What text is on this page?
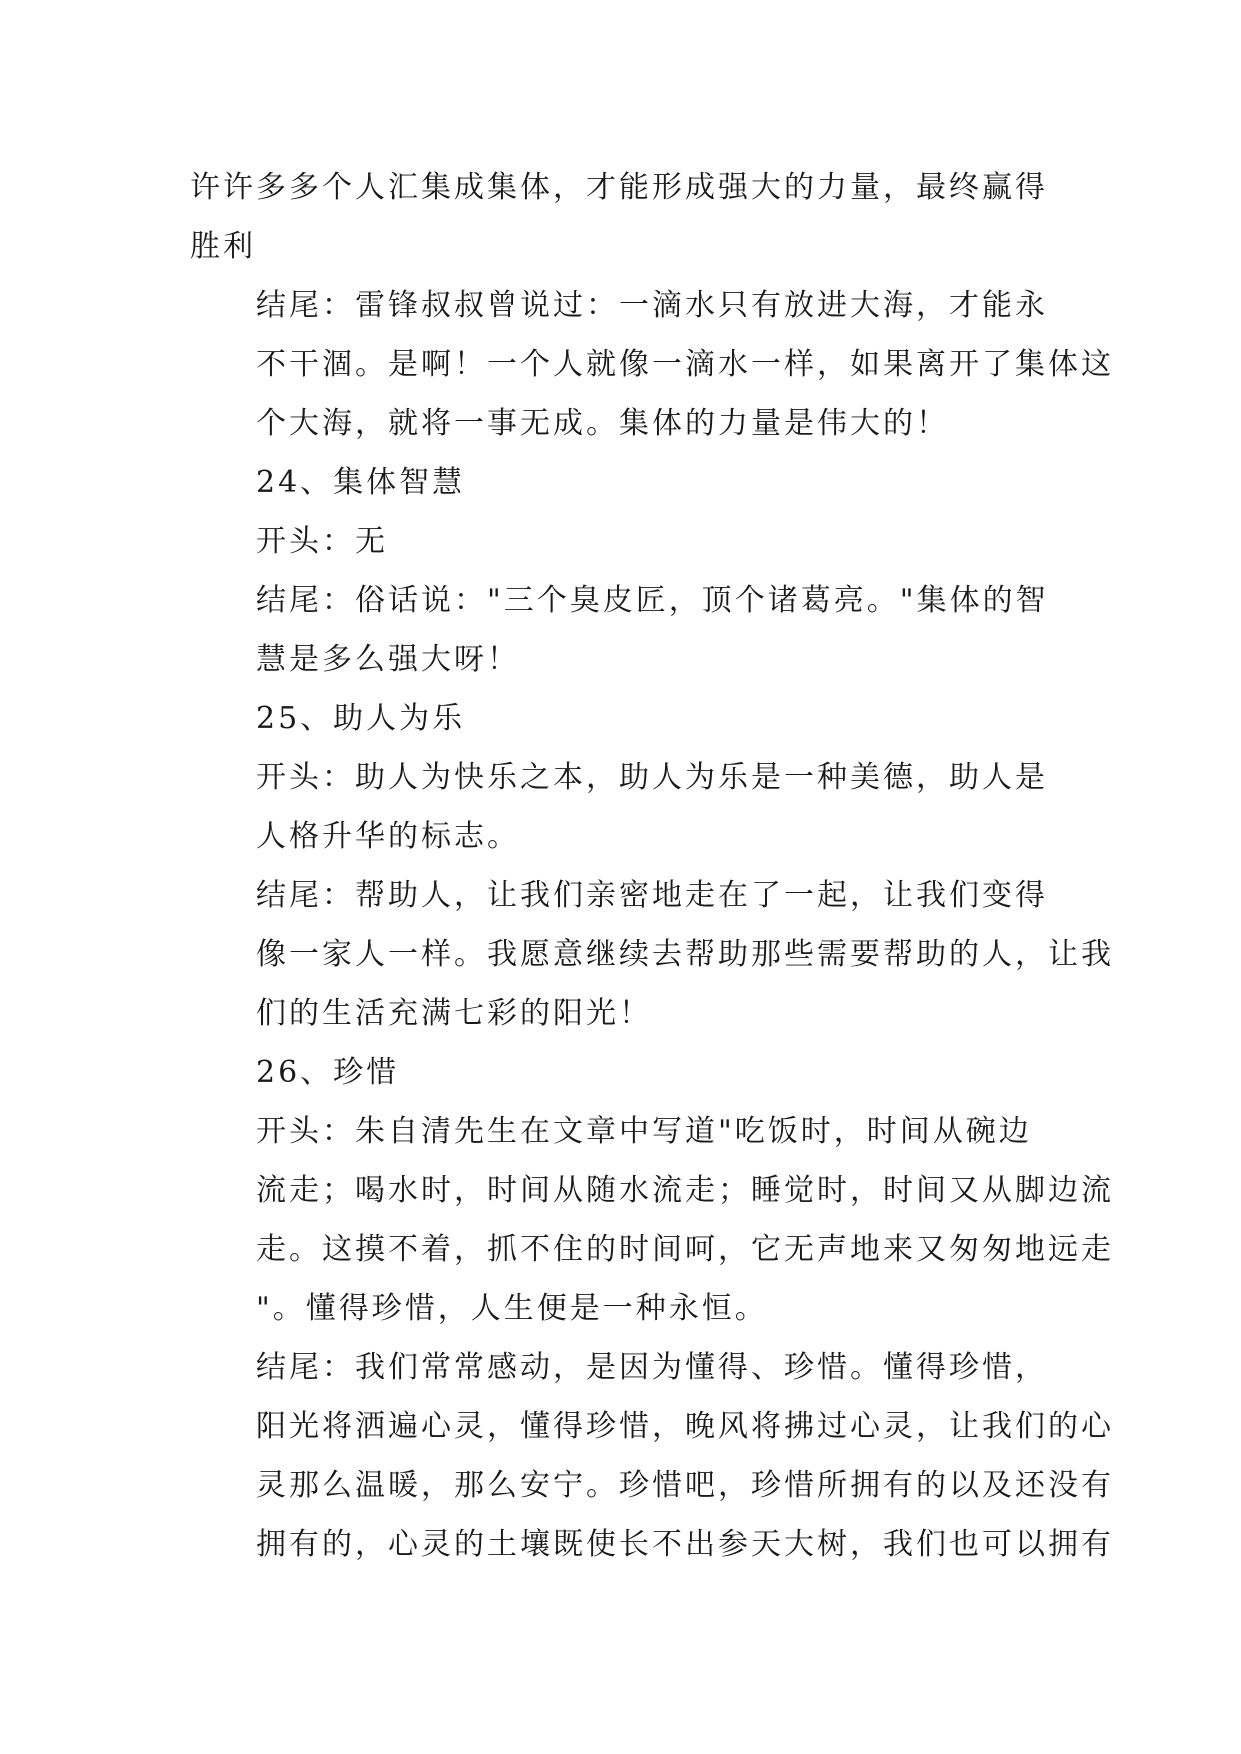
许许多多个人汇集成集体，才能形成强大的力量，最终赢得
胜利

结尾：雷锋叔叔曾说过：一滴水只有放进大海，才能永
不干涸。是啊！一个人就像一滴水一样，如果离开了集体这
个大海，就将一事无成。集体的力量是伟大的！

24、集体智慧

开头：无

结尾：俗话说："三个臭皮匠，顶个诸葛亮。"集体的智
慧是多么强大呀！

25、助人为乐

开头：助人为快乐之本，助人为乐是一种美德，助人是
人格升华的标志。

结尾：帮助人，让我们亲密地走在了一起，让我们变得
像一家人一样。我愿意继续去帮助那些需要帮助的人，让我
们的生活充满七彩的阳光！

26、珍惜

开头：朱自清先生在文章中写道"吃饭时，时间从碗边
流走；喝水时，时间从随水流走；睡觉时，时间又从脚边流
走。这摸不着，抓不住的时间呵，它无声地来又匆匆地远走
"。懂得珍惜，人生便是一种永恒。

结尾：我们常常感动，是因为懂得、珍惜。懂得珍惜，
阳光将洒遍心灵，懂得珍惜，晚风将拂过心灵，让我们的心
灵那么温暖，那么安宁。珍惜吧，珍惜所拥有的以及还没有
拥有的，心灵的土壤既使长不出参天大树，我们也可以拥有
